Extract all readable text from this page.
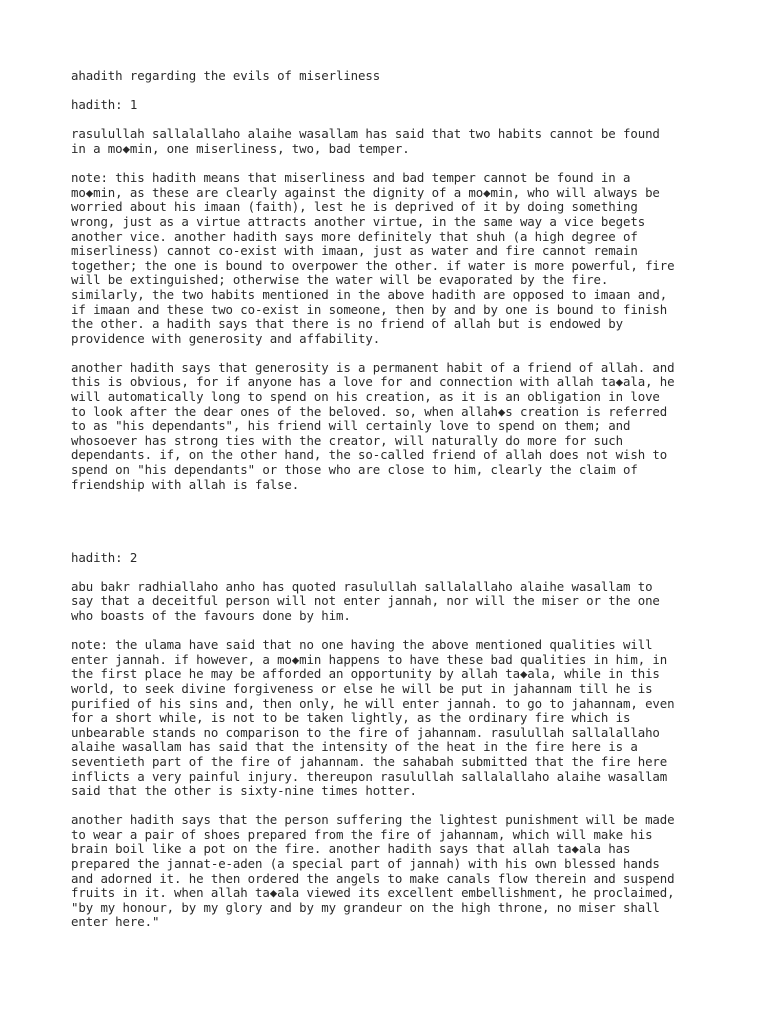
ahadith regarding the evils of miserliness

hadith: 1

rasulullah sallalallaho alaihe wasallam has said that two habits cannot be found
in a mo◆min, one miserliness, two, bad temper.

note: this hadith means that miserliness and bad temper cannot be found in a
mo◆min, as these are clearly against the dignity of a mo◆min, who will always be
worried about his imaan (faith), lest he is deprived of it by doing something
wrong, just as a virtue attracts another virtue, in the same way a vice begets
another vice. another hadith says more definitely that shuh (a high degree of
miserliness) cannot co-exist with imaan, just as water and fire cannot remain
together; the one is bound to overpower the other. if water is more powerful, fire
will be extinguished; otherwise the water will be evaporated by the fire.
similarly, the two habits mentioned in the above hadith are opposed to imaan and,
if imaan and these two co-exist in someone, then by and by one is bound to finish
the other. a hadith says that there is no friend of allah but is endowed by
providence with generosity and affability.

another hadith says that generosity is a permanent habit of a friend of allah. and
this is obvious, for if anyone has a love for and connection with allah ta◆ala, he
will automatically long to spend on his creation, as it is an obligation in love
to look after the dear ones of the beloved. so, when allah◆s creation is referred
to as "his dependants", his friend will certainly love to spend on them; and
whosoever has strong ties with the creator, will naturally do more for such
dependants. if, on the other hand, the so-called friend of allah does not wish to
spend on "his dependants" or those who are close to him, clearly the claim of
friendship with allah is false.

hadith: 2

abu bakr radhiallaho anho has quoted rasulullah sallalallaho alaihe wasallam to
say that a deceitful person will not enter jannah, nor will the miser or the one
who boasts of the favours done by him.

note: the ulama have said that no one having the above mentioned qualities will
enter jannah. if however, a mo◆min happens to have these bad qualities in him, in
the first place he may be afforded an opportunity by allah ta◆ala, while in this
world, to seek divine forgiveness or else he will be put in jahannam till he is
purified of his sins and, then only, he will enter jannah. to go to jahannam, even
for a short while, is not to be taken lightly, as the ordinary fire which is
unbearable stands no comparison to the fire of jahannam. rasulullah sallalallaho
alaihe wasallam has said that the intensity of the heat in the fire here is a
seventieth part of the fire of jahannam. the sahabah submitted that the fire here
inflicts a very painful injury. thereupon rasulullah sallalallaho alaihe wasallam
said that the other is sixty-nine times hotter.

another hadith says that the person suffering the lightest punishment will be made
to wear a pair of shoes prepared from the fire of jahannam, which will make his
brain boil like a pot on the fire. another hadith says that allah ta◆ala has
prepared the jannat-e-aden (a special part of jannah) with his own blessed hands
and adorned it. he then ordered the angels to make canals flow therein and suspend
fruits in it. when allah ta◆ala viewed its excellent embellishment, he proclaimed,
"by my honour, by my glory and by my grandeur on the high throne, no miser shall
enter here."
